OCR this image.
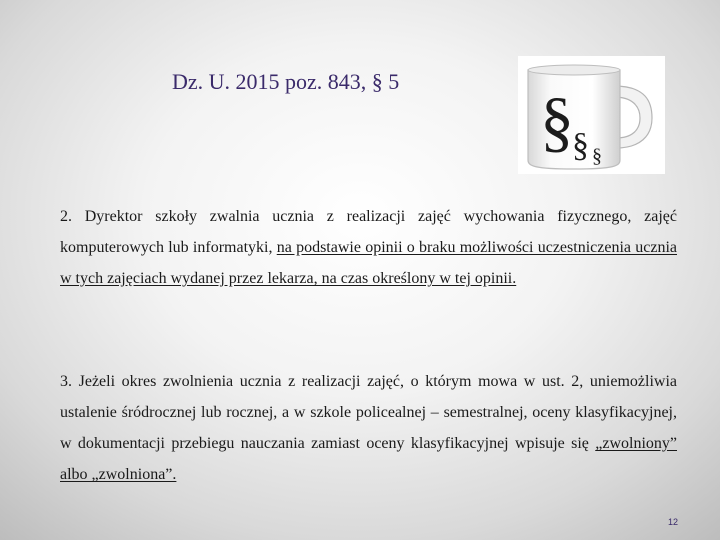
Dz. U. 2015 poz. 843, § 5
§
§ §
2. Dyrektor szkoły zwalnia ucznia z realizacji zajęć wychowania fizycznego, zajęć komputerowych lub informatyki, na podstawie opinii o braku możliwości uczestniczenia ucznia w tych zajęciach wydanej przez lekarza, na czas określony w tej opinii.
3. Jeżeli okres zwolnienia ucznia z realizacji zajęć, o którym mowa w ust. 2, uniemożliwia ustalenie śródrocznej lub rocznej, a w szkole policealnej – semestralnej, oceny klasyfikacyjnej, w dokumentacji przebiegu nauczania zamiast oceny klasyfikacyjnej wpisuje się „zwolniony” albo „zwolniona”.
12
